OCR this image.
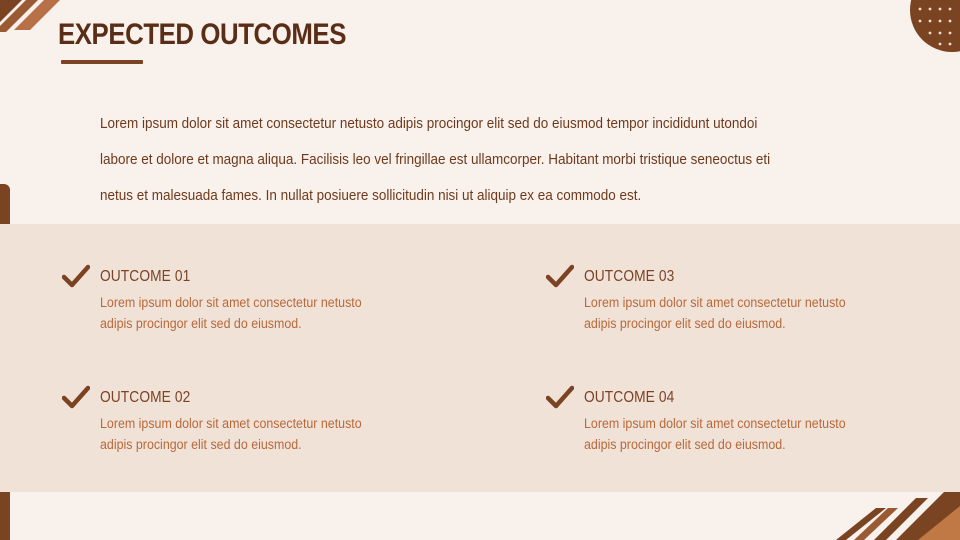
EXPECTED OUTCOMES

Lorem ipsum dolor sit amet consectetur netusto adipis procingor elit sed do eiusmod tempor incididunt utondoi labore et dolore et magna aliqua. Facilisis leo vel fringillae est ullamcorper. Habitant morbi tristique seneoctus eti netus et malesuada fames. In nullat posiuere sollicitudin nisi ut aliquip ex ea commodo est.

OUTCOME 01
Lorem ipsum dolor sit amet consectetur netusto adipis procingor elit sed do eiusmod.
OUTCOME 02
Lorem ipsum dolor sit amet consectetur netusto adipis procingor elit sed do eiusmod.
OUTCOME 03
Lorem ipsum dolor sit amet consectetur netusto adipis procingor elit sed do eiusmod.
OUTCOME 04
Lorem ipsum dolor sit amet consectetur netusto adipis procingor elit sed do eiusmod.
